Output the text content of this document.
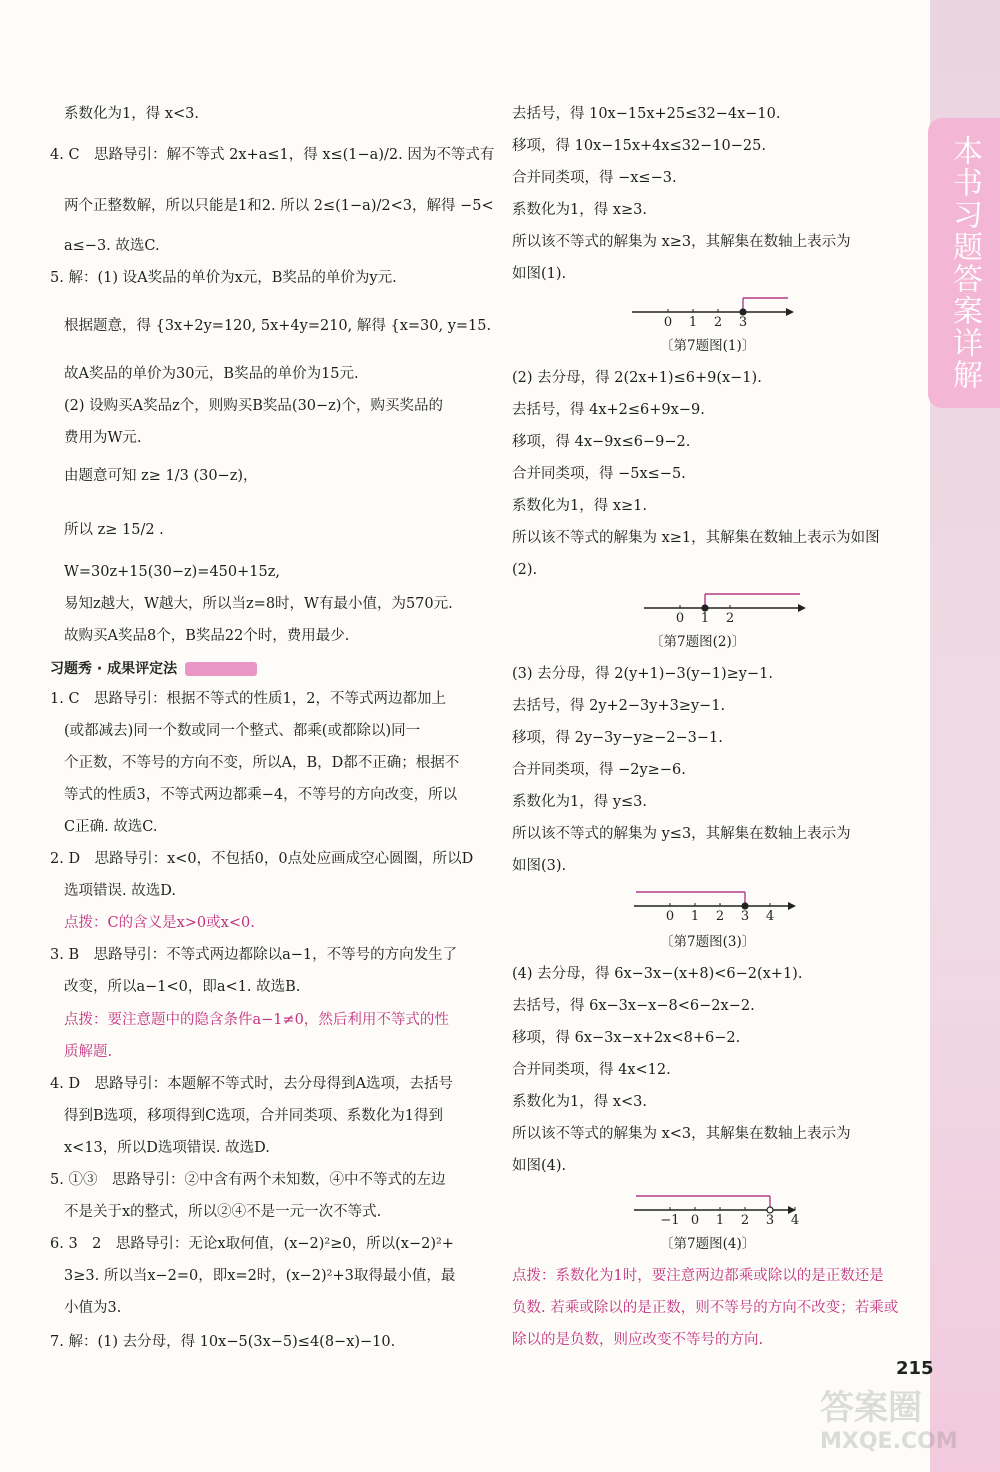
系数化为1，得 x<3.
4. C　思路导引：解不等式 2x+a≤1，得 x≤(1−a)/2. 因为不等式有
两个正整数解，所以只能是1和2. 所以 2≤(1−a)/2<3，解得 −5<
a≤−3. 故选C.
5. 解：(1) 设A奖品的单价为x元，B奖品的单价为y元.
根据题意，得 {3x+2y=120, 5x+4y=210, 解得 {x=30, y=15.
故A奖品的单价为30元，B奖品的单价为15元.
(2) 设购买A奖品z个，则购买B奖品(30−z)个，购买奖品的
费用为W元.
由题意可知 z≥ 1/3 (30−z)，
所以 z≥ 15/2 .
W=30z+15(30−z)=450+15z,
易知z越大，W越大，所以当z=8时，W有最小值，为570元.
故购买A奖品8个，B奖品22个时，费用最少.
习题秀 · 成果评定法
1. C　思路导引：根据不等式的性质1，2，不等式两边都加上
(或都减去)同一个数或同一个整式、都乘(或都除以)同一
个正数，不等号的方向不变，所以A，B，D都不正确；根据不
等式的性质3，不等式两边都乘−4，不等号的方向改变，所以
C正确. 故选C.
2. D　思路导引：x<0，不包括0，0点处应画成空心圆圈，所以D
选项错误. 故选D.
点拨：C的含义是x>0或x<0.
3. B　思路导引：不等式两边都除以a−1，不等号的方向发生了
改变，所以a−1<0，即a<1. 故选B.
点拨：要注意题中的隐含条件a−1≠0，然后利用不等式的性
质解题.
4. D　思路导引：本题解不等式时，去分母得到A选项，去括号
得到B选项，移项得到C选项，合并同类项、系数化为1得到
x<13，所以D选项错误. 故选D.
5. ①③　思路导引：②中含有两个未知数，④中不等式的左边
不是关于x的整式，所以②④不是一元一次不等式.
6. 3　2　思路导引：无论x取何值，(x−2)²≥0，所以(x−2)²+
3≥3. 所以当x−2=0，即x=2时，(x−2)²+3取得最小值，最
小值为3.
7. 解：(1) 去分母，得 10x−5(3x−5)≤4(8−x)−10.
去括号，得 10x−15x+25≤32−4x−10.
移项，得 10x−15x+4x≤32−10−25.
合并同类项，得 −x≤−3.
系数化为1，得 x≥3.
所以该不等式的解集为 x≥3，其解集在数轴上表示为
如图(1).
(2) 去分母，得 2(2x+1)≤6+9(x−1).
去括号，得 4x+2≤6+9x−9.
移项，得 4x−9x≤6−9−2.
合并同类项，得 −5x≤−5.
系数化为1，得 x≥1.
所以该不等式的解集为 x≥1，其解集在数轴上表示为如图
(2).
(3) 去分母，得 2(y+1)−3(y−1)≥y−1.
去括号，得 2y+2−3y+3≥y−1.
移项，得 2y−3y−y≥−2−3−1.
合并同类项，得 −2y≥−6.
系数化为1，得 y≤3.
所以该不等式的解集为 y≤3，其解集在数轴上表示为
如图(3).
(4) 去分母，得 6x−3x−(x+8)<6−2(x+1).
去括号，得 6x−3x−x−8<6−2x−2.
移项，得 6x−3x−x+2x<8+6−2.
合并同类项，得 4x<12.
系数化为1，得 x<3.
所以该不等式的解集为 x<3，其解集在数轴上表示为
如图(4).
点拨：系数化为1时，要注意两边都乘或除以的是正数还是
负数. 若乘或除以的是正数，则不等号的方向不改变；若乘或
除以的是负数，则应改变不等号的方向.
0 1 2 3
〔第7题图(1)〕
0 1 2
〔第7题图(2)〕
0 1 2 3 4
〔第7题图(3)〕
−1 0 1 2 3 4
〔第7题图(4)〕
本书习题答案详解
215
答案圈
MXQE.COM
